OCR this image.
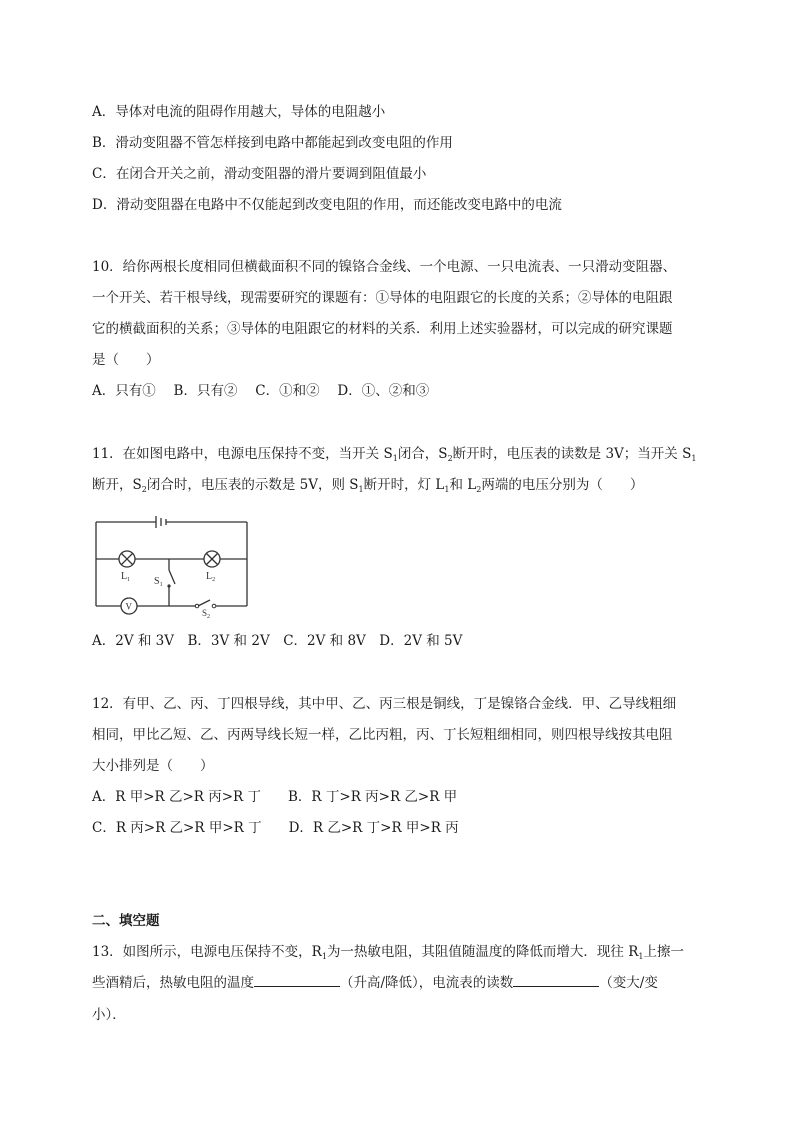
A．导体对电流的阻碍作用越大，导体的电阻越小
B．滑动变阻器不管怎样接到电路中都能起到改变电阻的作用
C．在闭合开关之前，滑动变阻器的滑片要调到阻值最小
D．滑动变阻器在电路中不仅能起到改变电阻的作用，而还能改变电路中的电流
10．给你两根长度相同但横截面积不同的镍铬合金线、一个电源、一只电流表、一只滑动变阻器、
一个开关、若干根导线，现需要研究的课题有：①导体的电阻跟它的长度的关系；②导体的电阻跟
它的横截面积的关系；③导体的电阻跟它的材料的关系．利用上述实验器材，可以完成的研究课题
是（　　）
A．只有①　 B．只有②　 C．①和②　 D．①、②和③
11．在如图电路中，电源电压保持不变，当开关 $S_1$闭合，$S_2$断开时，电压表的读数是 3V；当开关 $S_1$
断开，$S_2$闭合时，电压表的示数是 5V，则 $S_1$断开时，灯 $L_1$和 $L_2$两端的电压分别为（　　）
$L_1$	$L_2$
$S_1$
$S_2$
V
A．2V 和 3V　B．3V 和 2V　C．2V 和 8V　D．2V 和 5V
12．有甲、乙、丙、丁四根导线，其中甲、乙、丙三根是铜线，丁是镍铬合金线．甲、乙导线粗细
相同，甲比乙短、乙、丙两导线长短一样，乙比丙粗，丙、丁长短粗细相同，则四根导线按其电阻
大小排列是（　　）
A．R 甲>R 乙>R 丙>R 丁　　B．R 丁>R 丙>R 乙>R 甲
C．R 丙>R 乙>R 甲>R 丁　　D．R 乙>R 丁>R 甲>R 丙
二、填空题
13．如图所示，电源电压保持不变，$R_1$为一热敏电阻，其阻值随温度的降低而增大．现往 $R_1$上擦一
些酒精后，热敏电阻的温度	（升高/降低），电流表的读数	（变大/变
小）．
